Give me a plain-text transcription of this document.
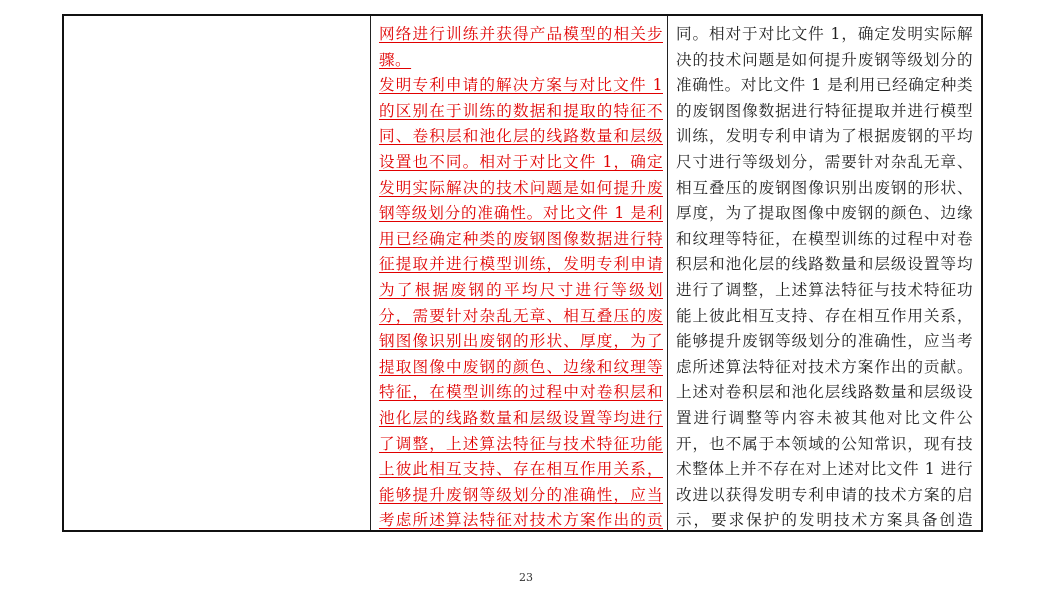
网络进行训练并获得产品模型的相关步骤。

发明专利申请的解决方案与对比文件 1 的区别在于训练的数据和提取的特征不同、卷积层和池化层的线路数量和层级设置也不同。相对于对比文件 1，确定发明实际解决的技术问题是如何提升废钢等级划分的准确性。对比文件 1 是利用已经确定种类的废钢图像数据进行特征提取并进行模型训练，发明专利申请为了根据废钢的平均尺寸进行等级划分，需要针对杂乱无章、相互叠压的废钢图像识别出废钢的形状、厚度，为了提取图像中废钢的颜色、边缘和纹理等特征，在模型训练的过程中对卷积层和池化层的线路数量和层级设置等均进行了调整，上述算法特征与技术特征功能上彼此相互支持、存在相互作用关系，能够提升废钢等级划分的准确性，应当考虑所述算法特征对技术方案作出的贡

同。相对于对比文件 1，确定发明实际解决的技术问题是如何提升废钢等级划分的准确性。对比文件 1 是利用已经确定种类的废钢图像数据进行特征提取并进行模型训练，发明专利申请为了根据废钢的平均尺寸进行等级划分，需要针对杂乱无章、相互叠压的废钢图像识别出废钢的形状、厚度，为了提取图像中废钢的颜色、边缘和纹理等特征，在模型训练的过程中对卷积层和池化层的线路数量和层级设置等均进行了调整，上述算法特征与技术特征功能上彼此相互支持、存在相互作用关系，能够提升废钢等级划分的准确性，应当考虑所述算法特征对技术方案作出的贡献。上述对卷积层和池化层线路数量和层级设置进行调整等内容未被其他对比文件公开，也不属于本领域的公知常识，现有技术整体上并不存在对上述对比文件 1 进行改进以获得发明专利申请的技术方案的启示，要求保护的发明技术方案具备创造

23
